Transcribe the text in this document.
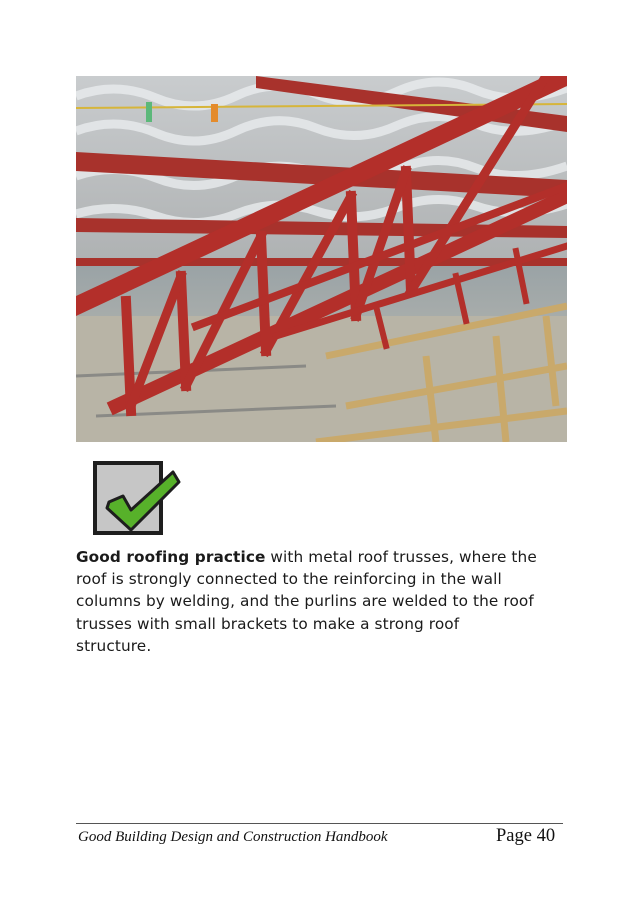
Good roofing practice with metal roof trusses, where the
roof is strongly connected to the reinforcing in the wall
columns by welding, and the purlins are welded to the roof
trusses with small brackets to make a strong roof
structure.
Good Building Design and Construction Handbook	Page 40
